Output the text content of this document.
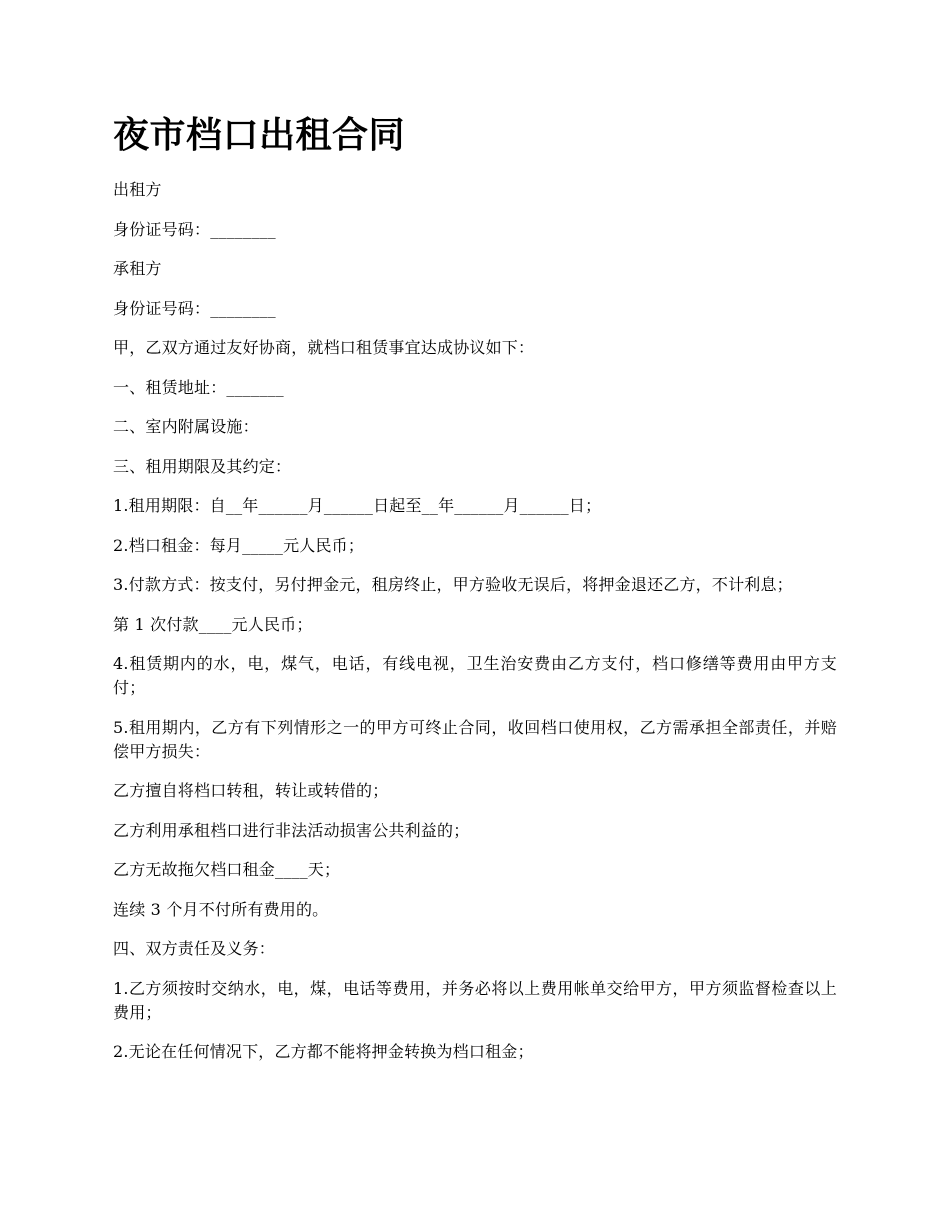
夜市档口出租合同

出租方

身份证号码：________

承租方

身份证号码：________

甲，乙双方通过友好协商，就档口租赁事宜达成协议如下：

一、租赁地址：_______

二、室内附属设施：

三、租用期限及其约定：

1.租用期限：自__年______月______日起至__年______月______日；

2.档口租金：每月_____元人民币；

3.付款方式：按支付，另付押金元，租房终止，甲方验收无误后，将押金退还乙方，不计利息；

第 1 次付款____元人民币；

4.租赁期内的水，电，煤气，电话，有线电视，卫生治安费由乙方支付，档口修缮等费用由甲方支付；

5.租用期内，乙方有下列情形之一的甲方可终止合同，收回档口使用权，乙方需承担全部责任，并赔偿甲方损失：

乙方擅自将档口转租，转让或转借的；

乙方利用承租档口进行非法活动损害公共利益的；

乙方无故拖欠档口租金____天；

连续 3 个月不付所有费用的。

四、双方责任及义务：

1.乙方须按时交纳水，电，煤，电话等费用，并务必将以上费用帐单交给甲方，甲方须监督检查以上费用；

2.无论在任何情况下，乙方都不能将押金转换为档口租金；
